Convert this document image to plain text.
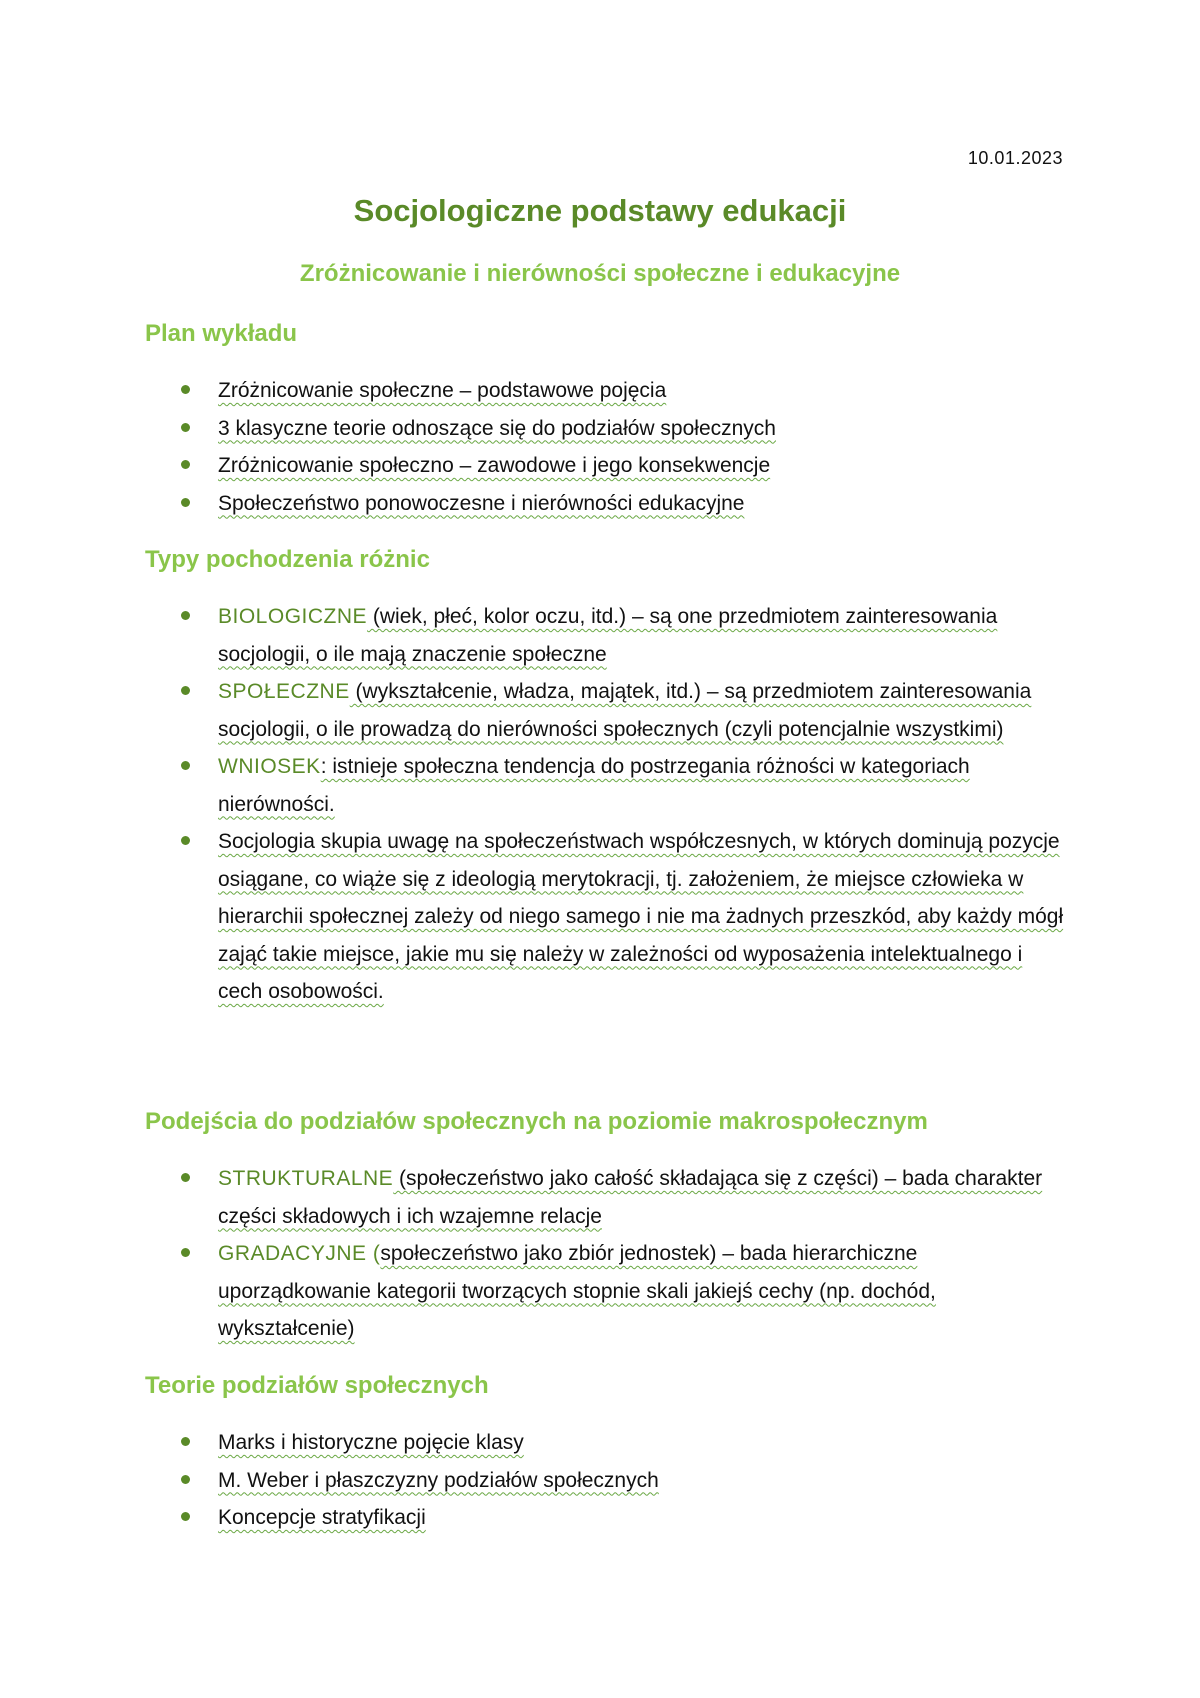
10.01.2023
Socjologiczne podstawy edukacji
Zróżnicowanie i nierówności społeczne i edukacyjne
Plan wykładu
Zróżnicowanie społeczne – podstawowe pojęcia
3 klasyczne teorie odnoszące się do podziałów społecznych
Zróżnicowanie społeczno – zawodowe i jego konsekwencje
Społeczeństwo ponowoczesne i nierówności edukacyjne
Typy pochodzenia różnic
BIOLOGICZNE (wiek, płeć, kolor oczu, itd.) – są one przedmiotem zainteresowania socjologii, o ile mają znaczenie społeczne
SPOŁECZNE (wykształcenie, władza, majątek, itd.) – są przedmiotem zainteresowania socjologii, o ile prowadzą do nierówności społecznych (czyli potencjalnie wszystkimi)
WNIOSEK: istnieje społeczna tendencja do postrzegania różności w kategoriach nierówności.
Socjologia skupia uwagę na społeczeństwach współczesnych, w których dominują pozycje osiągane, co wiąże się z ideologią merytokracji, tj. założeniem, że miejsce człowieka w hierarchii społecznej zależy od niego samego i nie ma żadnych przeszkód, aby każdy mógł zająć takie miejsce, jakie mu się należy w zależności od wyposażenia intelektualnego i cech osobowości.
Podejścia do podziałów społecznych na poziomie makrospołecznym
STRUKTURALNE (społeczeństwo jako całość składająca się z części) – bada charakter części składowych i ich wzajemne relacje
GRADACYJNE (społeczeństwo jako zbiór jednostek) – bada hierarchiczne uporządkowanie kategorii tworzących stopnie skali jakiejś cechy (np. dochód, wykształcenie)
Teorie podziałów społecznych
Marks i historyczne pojęcie klasy
M. Weber i płaszczyzny podziałów społecznych
Koncepcje stratyfikacji
